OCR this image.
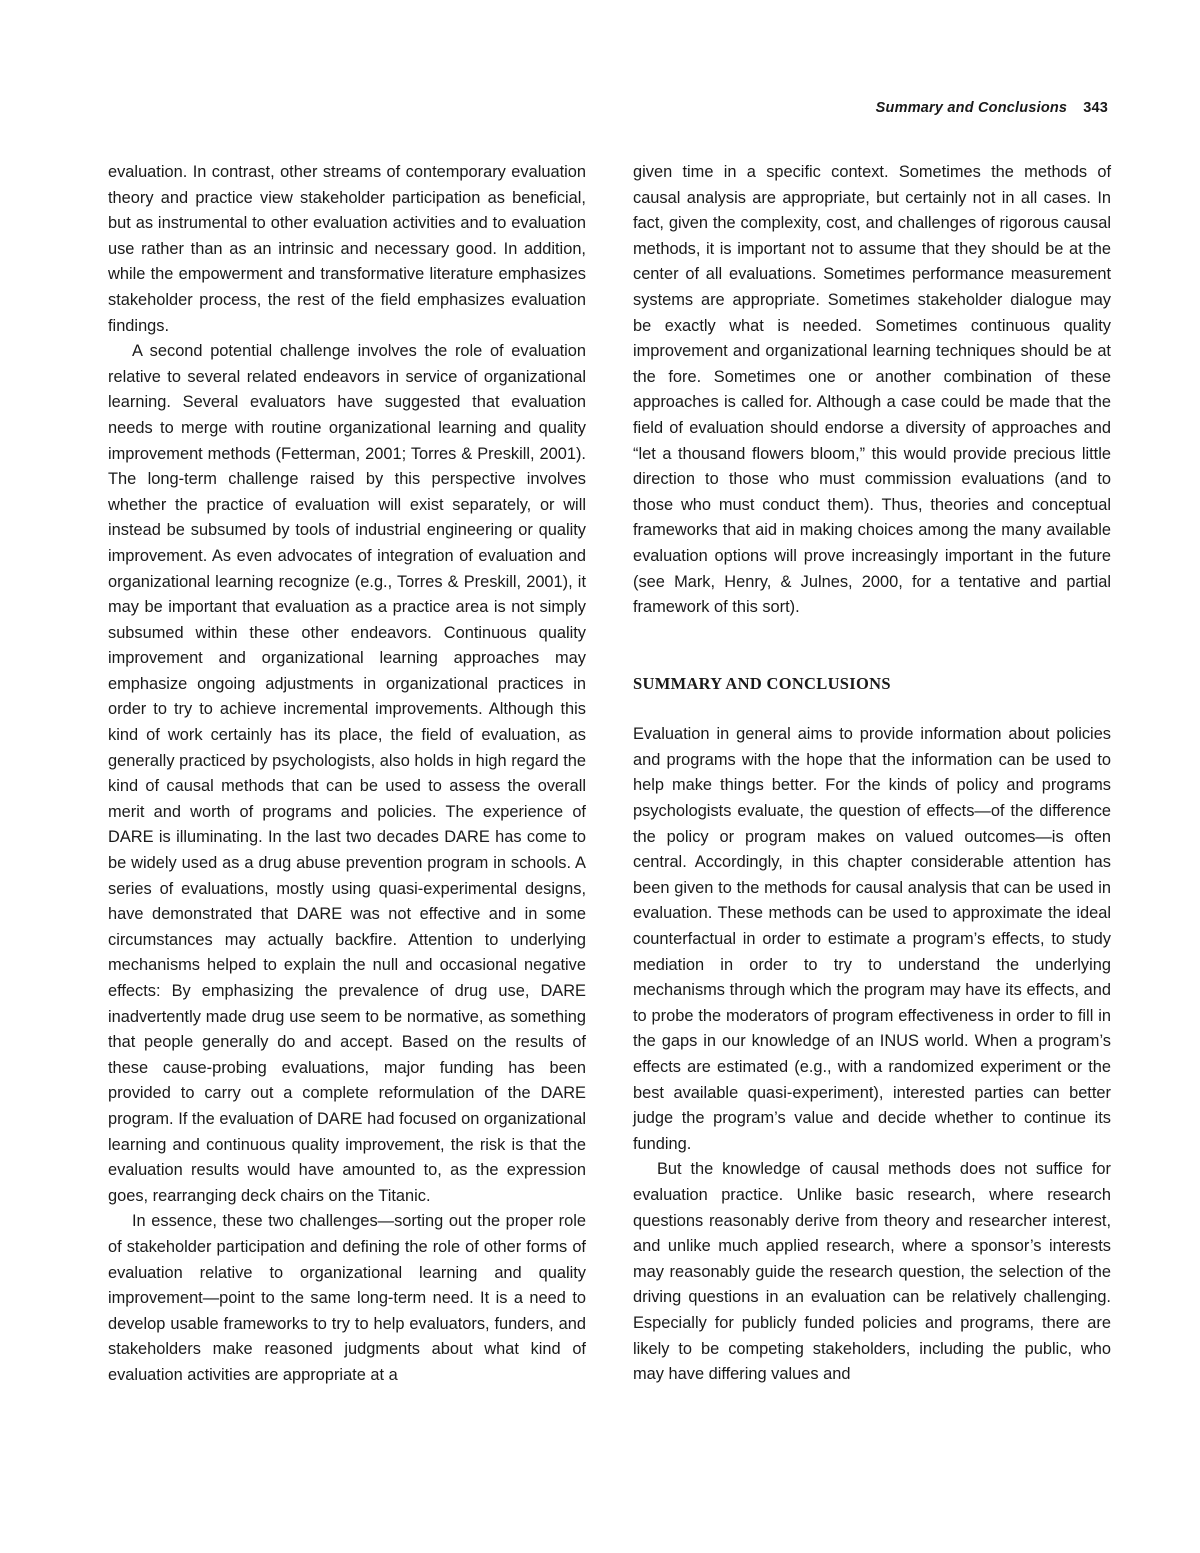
Summary and Conclusions 343

evaluation. In contrast, other streams of contemporary evaluation theory and practice view stakeholder participation as beneficial, but as instrumental to other evaluation activities and to evaluation use rather than as an intrinsic and necessary good. In addition, while the empowerment and transformative literature emphasizes stakeholder process, the rest of the field emphasizes evaluation findings.

A second potential challenge involves the role of evaluation relative to several related endeavors in service of organizational learning. Several evaluators have suggested that evaluation needs to merge with routine organizational learning and quality improvement methods (Fetterman, 2001; Torres & Preskill, 2001). The long-term challenge raised by this perspective involves whether the practice of evaluation will exist separately, or will instead be subsumed by tools of industrial engineering or quality improvement. As even advocates of integration of evaluation and organizational learning recognize (e.g., Torres & Preskill, 2001), it may be important that evaluation as a practice area is not simply subsumed within these other endeavors. Continuous quality improvement and organizational learning approaches may emphasize ongoing adjustments in organizational practices in order to try to achieve incremental improvements. Although this kind of work certainly has its place, the field of evaluation, as generally practiced by psychologists, also holds in high regard the kind of causal methods that can be used to assess the overall merit and worth of programs and policies. The experience of DARE is illuminating. In the last two decades DARE has come to be widely used as a drug abuse prevention program in schools. A series of evaluations, mostly using quasi-experimental designs, have demonstrated that DARE was not effective and in some circumstances may actually backfire. Attention to underlying mechanisms helped to explain the null and occasional negative effects: By emphasizing the prevalence of drug use, DARE inadvertently made drug use seem to be normative, as something that people generally do and accept. Based on the results of these cause-probing evaluations, major funding has been provided to carry out a complete reformulation of the DARE program. If the evaluation of DARE had focused on organizational learning and continuous quality improvement, the risk is that the evaluation results would have amounted to, as the expression goes, rearranging deck chairs on the Titanic.

In essence, these two challenges—sorting out the proper role of stakeholder participation and defining the role of other forms of evaluation relative to organizational learning and quality improvement—point to the same long-term need. It is a need to develop usable frameworks to try to help evaluators, funders, and stakeholders make reasoned judgments about what kind of evaluation activities are appropriate at a

given time in a specific context. Sometimes the methods of causal analysis are appropriate, but certainly not in all cases. In fact, given the complexity, cost, and challenges of rigorous causal methods, it is important not to assume that they should be at the center of all evaluations. Sometimes performance measurement systems are appropriate. Sometimes stakeholder dialogue may be exactly what is needed. Sometimes continuous quality improvement and organizational learning techniques should be at the fore. Sometimes one or another combination of these approaches is called for. Although a case could be made that the field of evaluation should endorse a diversity of approaches and “let a thousand flowers bloom,” this would provide precious little direction to those who must commission evaluations (and to those who must conduct them). Thus, theories and conceptual frameworks that aid in making choices among the many available evaluation options will prove increasingly important in the future (see Mark, Henry, & Julnes, 2000, for a tentative and partial framework of this sort).

SUMMARY AND CONCLUSIONS

Evaluation in general aims to provide information about policies and programs with the hope that the information can be used to help make things better. For the kinds of policy and programs psychologists evaluate, the question of effects—of the difference the policy or program makes on valued outcomes—is often central. Accordingly, in this chapter considerable attention has been given to the methods for causal analysis that can be used in evaluation. These methods can be used to approximate the ideal counterfactual in order to estimate a program’s effects, to study mediation in order to try to understand the underlying mechanisms through which the program may have its effects, and to probe the moderators of program effectiveness in order to fill in the gaps in our knowledge of an INUS world. When a program’s effects are estimated (e.g., with a randomized experiment or the best available quasi-experiment), interested parties can better judge the program’s value and decide whether to continue its funding.

But the knowledge of causal methods does not suffice for evaluation practice. Unlike basic research, where research questions reasonably derive from theory and researcher interest, and unlike much applied research, where a sponsor’s interests may reasonably guide the research question, the selection of the driving questions in an evaluation can be relatively challenging. Especially for publicly funded policies and programs, there are likely to be competing stakeholders, including the public, who may have differing values and
